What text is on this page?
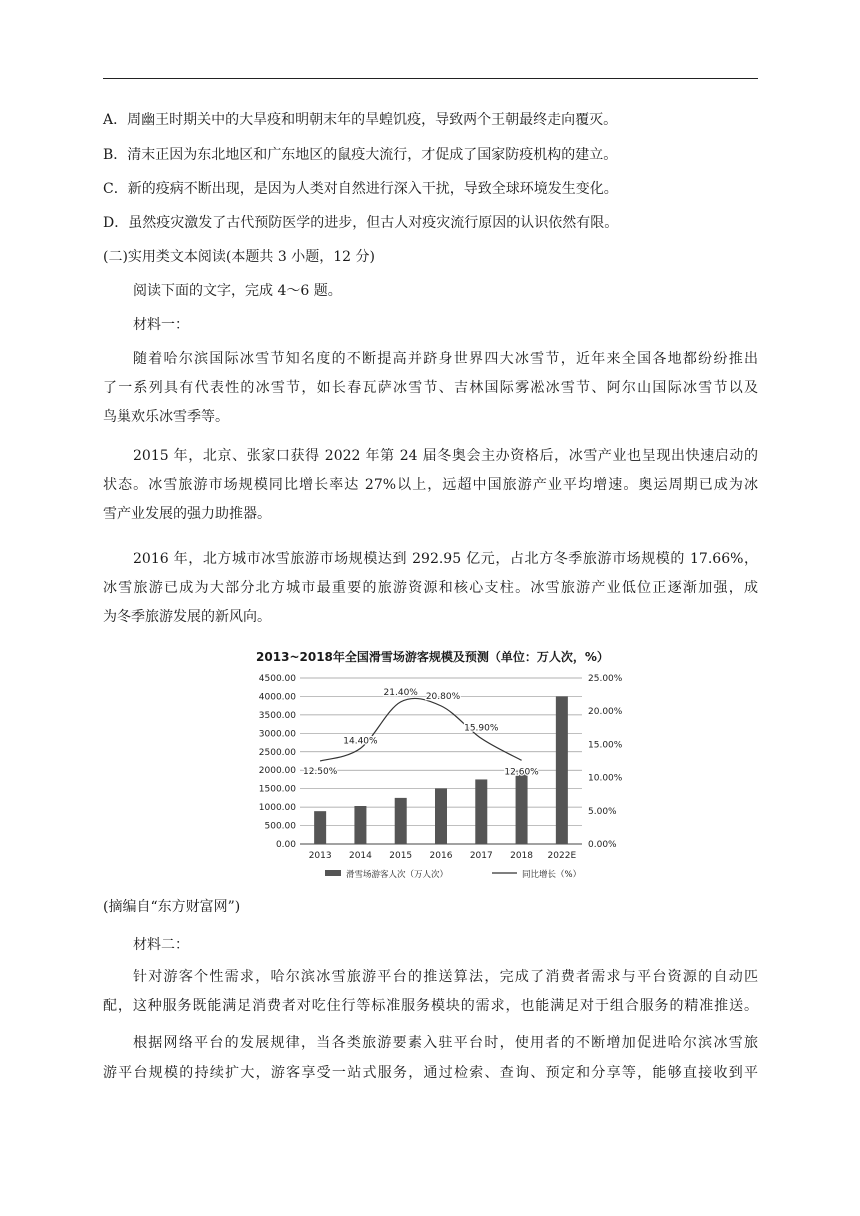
A．周幽王时期关中的大旱疫和明朝末年的旱蝗饥疫，导致两个王朝最终走向覆灭。
B．清末正因为东北地区和广东地区的鼠疫大流行，才促成了国家防疫机构的建立。
C．新的疫病不断出现，是因为人类对自然进行深入干扰，导致全球环境发生变化。
D．虽然疫灾激发了古代预防医学的进步，但古人对疫灾流行原因的认识依然有限。
(二)实用类文本阅读(本题共 3 小题，12 分)
阅读下面的文字，完成 4～6 题。
材料一：
随着哈尔滨国际冰雪节知名度的不断提高并跻身世界四大冰雪节，近年来全国各地都纷纷推出
了一系列具有代表性的冰雪节，如长春瓦萨冰雪节、吉林国际雾凇冰雪节、阿尔山国际冰雪节以及
鸟巢欢乐冰雪季等。
2015 年，北京、张家口获得 2022 年第 24 届冬奥会主办资格后，冰雪产业也呈现出快速启动的
状态。冰雪旅游市场规模同比增长率达 27%以上，远超中国旅游产业平均增速。奥运周期已成为冰
雪产业发展的强力助推器。
2016 年，北方城市冰雪旅游市场规模达到 292.95 亿元，占北方冬季旅游市场规模的 17.66%，
冰雪旅游已成为大部分北方城市最重要的旅游资源和核心支柱。冰雪旅游产业低位正逐渐加强，成
为冬季旅游发展的新风向。
2013~2018年全国滑雪场游客规模及预测（单位：万人次，%）
0.00
500.00
1000.00
1500.00
2000.00
2500.00
3000.00
3500.00
4000.00
4500.00
0.00%
5.00%
10.00%
15.00%
20.00%
25.00%
2013 2014 2015 2016 2017 2018 2022E
12.50%
14.40%
21.40% 20.80%
15.90%
12.60%
滑雪场游客人次（万人次）	同比增长（%）
(摘编自“东方财富网”)
材料二：
针对游客个性需求，哈尔滨冰雪旅游平台的推送算法，完成了消费者需求与平台资源的自动匹
配，这种服务既能满足消费者对吃住行等标准服务模块的需求，也能满足对于组合服务的精准推送。
根据网络平台的发展规律，当各类旅游要素入驻平台时，使用者的不断增加促进哈尔滨冰雪旅
游平台规模的持续扩大，游客享受一站式服务，通过检索、查询、预定和分享等，能够直接收到平
